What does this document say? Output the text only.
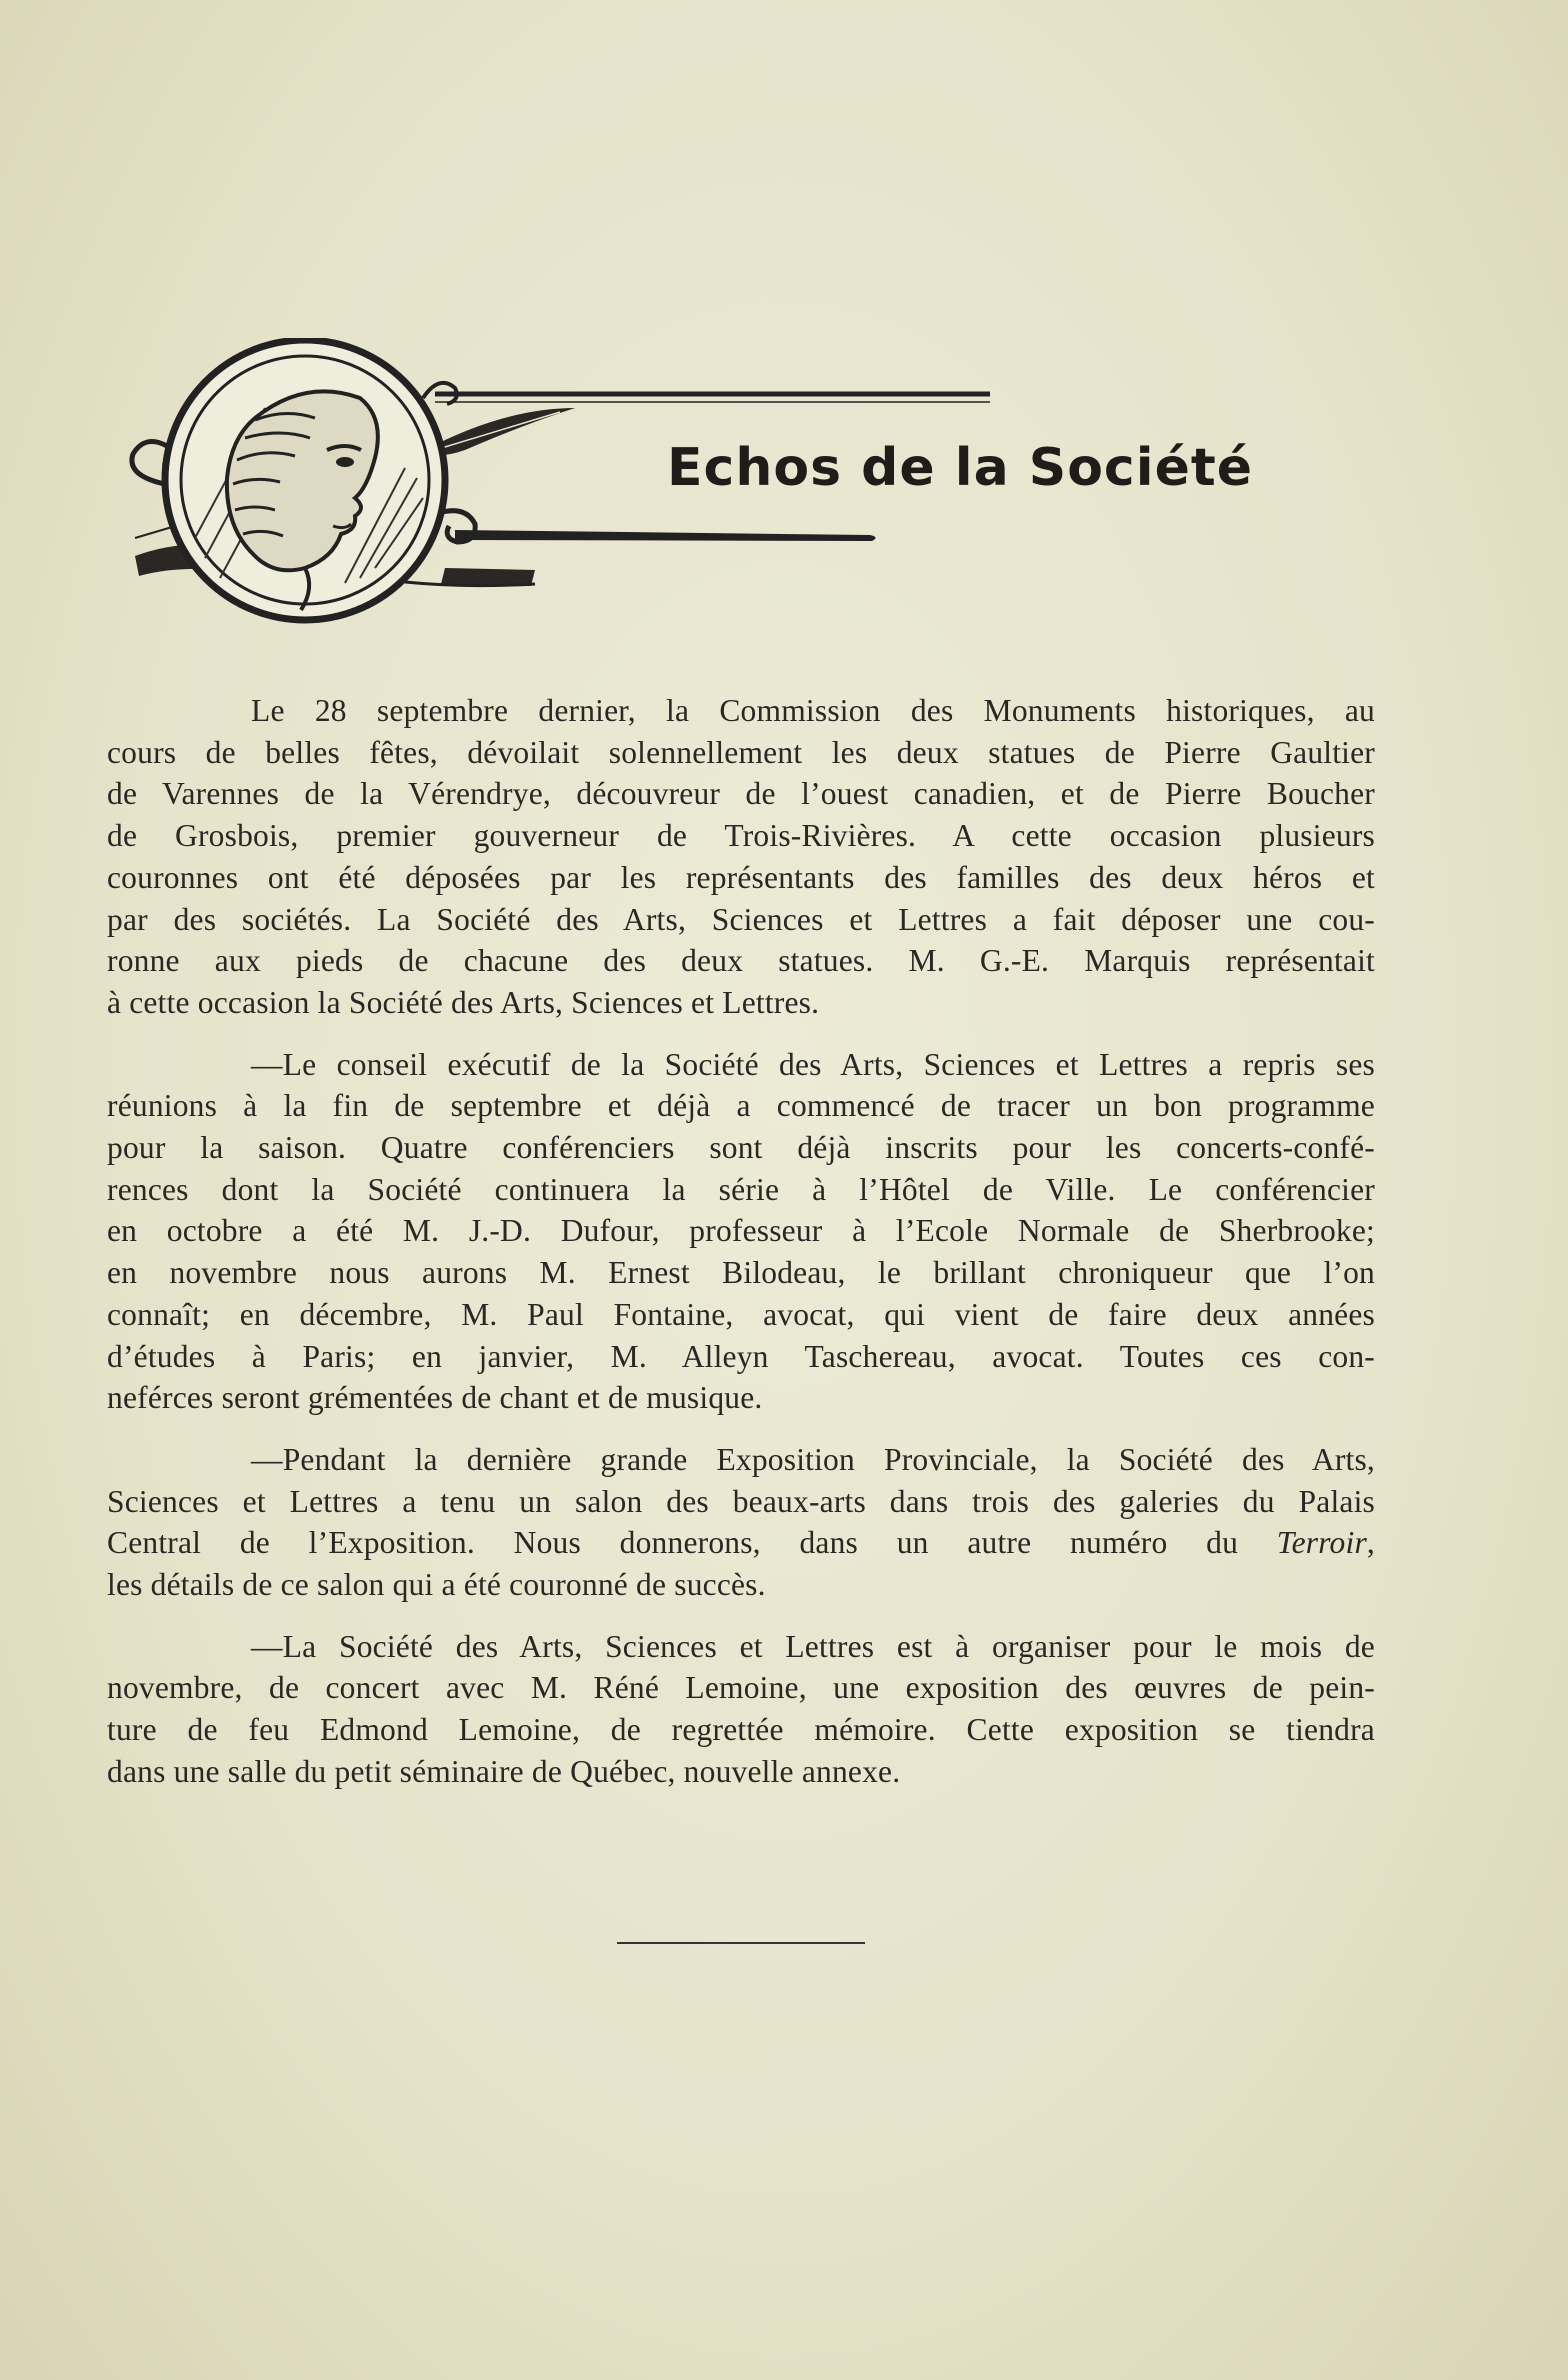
Echos de la Société

Le 28 septembre dernier, la Commission des Monuments historiques, au
cours de belles fêtes, dévoilait solennellement les deux statues de Pierre Gaultier
de Varennes de la Vérendrye, découvreur de l’ouest canadien, et de Pierre Boucher
de Grosbois, premier gouverneur de Trois-Rivières. A cette occasion plusieurs
couronnes ont été déposées par les représentants des familles des deux héros et
par des sociétés. La Société des Arts, Sciences et Lettres a fait déposer une cou-
ronne aux pieds de chacune des deux statues. M. G.-E. Marquis représentait
à cette occasion la Société des Arts, Sciences et Lettres.

—Le conseil exécutif de la Société des Arts, Sciences et Lettres a repris ses
réunions à la fin de septembre et déjà a commencé de tracer un bon programme
pour la saison. Quatre conférenciers sont déjà inscrits pour les concerts-confé-
rences dont la Société continuera la série à l’Hôtel de Ville. Le conférencier
en octobre a été M. J.-D. Dufour, professeur à l’Ecole Normale de Sherbrooke;
en novembre nous aurons M. Ernest Bilodeau, le brillant chroniqueur que l’on
connaît; en décembre, M. Paul Fontaine, avocat, qui vient de faire deux années
d’études à Paris; en janvier, M. Alleyn Taschereau, avocat. Toutes ces con-
neférces seront grémentées de chant et de musique.

—Pendant la dernière grande Exposition Provinciale, la Société des Arts,
Sciences et Lettres a tenu un salon des beaux-arts dans trois des galeries du Palais
Central de l’Exposition. Nous donnerons, dans un autre numéro du Terroir,
les détails de ce salon qui a été couronné de succès.

—La Société des Arts, Sciences et Lettres est à organiser pour le mois de
novembre, de concert avec M. Réné Lemoine, une exposition des œuvres de pein-
ture de feu Edmond Lemoine, de regrettée mémoire. Cette exposition se tiendra
dans une salle du petit séminaire de Québec, nouvelle annexe.
